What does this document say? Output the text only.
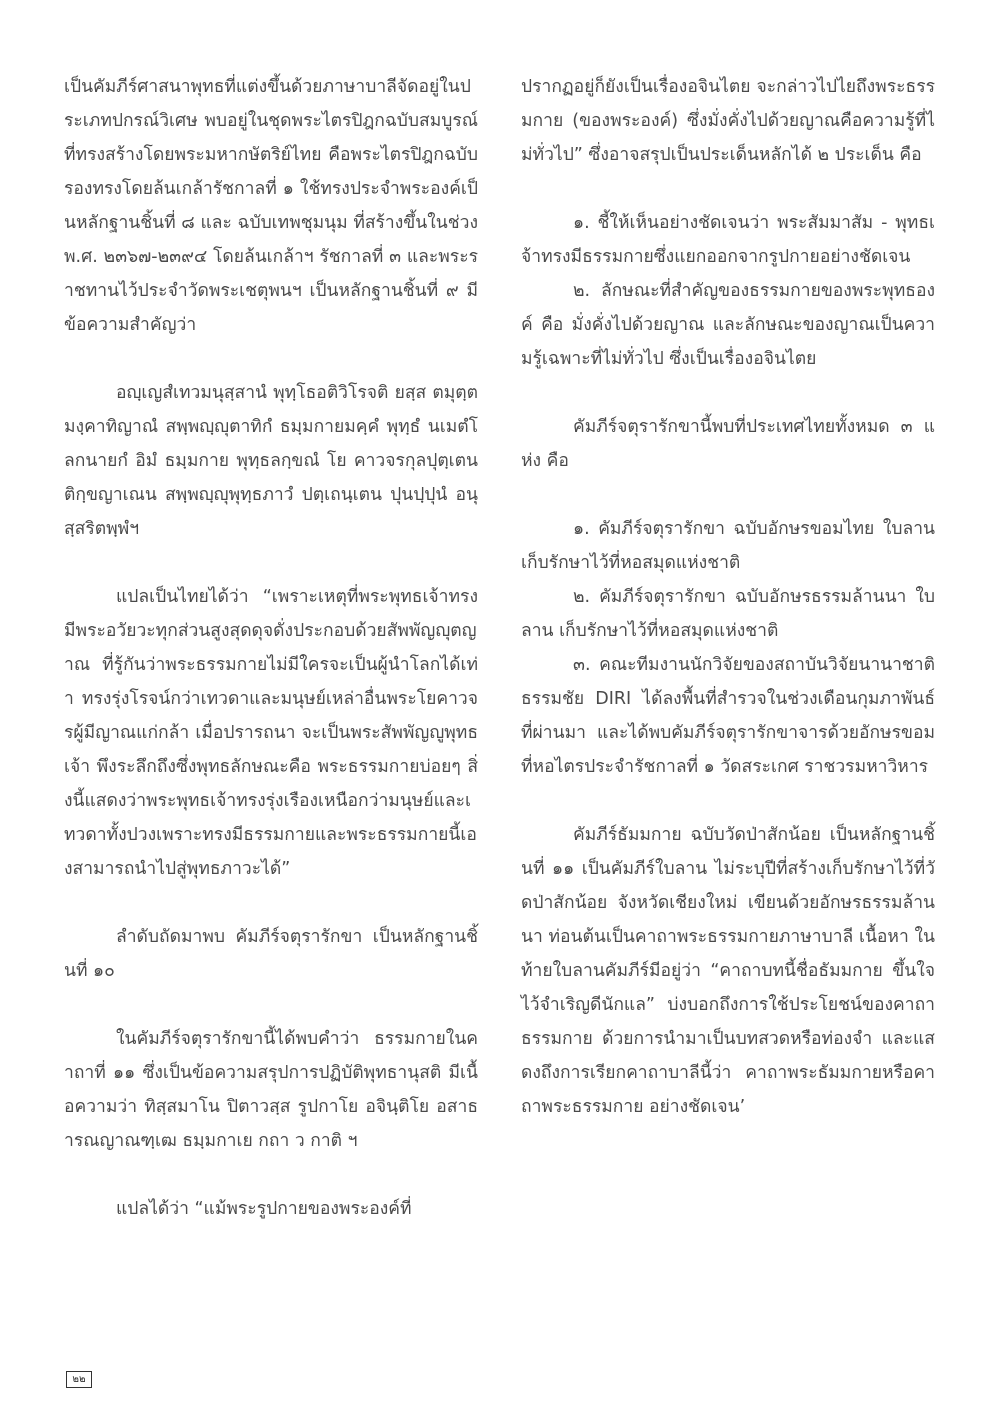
เป็นคัมภีร์ศาสนาพุทธที่แต่งขึ้นด้วยภาษาบาลีจัดอยู่ในประเภทปกรณ์วิเศษ พบอยู่ในชุดพระไตรปิฎกฉบับสมบูรณ์ที่ทรงสร้างโดยพระมหากษัตริย์ไทย คือพระไตรปิฎกฉบับรองทรงโดยล้นเกล้ารัชกาลที่ ๑ ใช้ทรงประจำพระองค์เป็นหลักฐานชิ้นที่ ๘ และ ฉบับเทพชุมนุม ที่สร้างขึ้นในช่วง พ.ศ. ๒๓๖๗-๒๓๙๔ โดยล้นเกล้าฯ รัชกาลที่ ๓ และพระราชทานไว้ประจำวัดพระเชตุพนฯ เป็นหลักฐานชิ้นที่ ๙ มีข้อความสำคัญว่า

อญฺเญสํเทวมนุสฺสานํ พุทฺโธอติวิโรจติ ยสฺส ตมุตฺตมงฺคาทิญาณํ สพฺพญฺญุตาทิกํ ธมฺมกายมคฺคํ พุทฺธํ นเมตํโลกนายกํ อิมํ ธมฺมกาย พุทฺธลกฺขณํ โย คาวจรกุลปุตฺเตน ติกฺขญาเณน สพฺพญฺญุพุทฺธภาวํ ปตฺเถนฺเตน ปุนปฺปุนํ อนุสฺสริตพฺพํฯ

แปลเป็นไทยได้ว่า “เพราะเหตุที่พระพุทธเจ้าทรงมีพระอวัยวะทุกส่วนสูงสุดดุจดั่งประกอบด้วยสัพพัญญุตญาณ ที่รู้กันว่าพระธรรมกายไม่มีใครจะเป็นผู้นำโลกได้เท่า ทรงรุ่งโรจน์กว่าเทวดาและมนุษย์เหล่าอื่นพระโยคาวจรผู้มีญาณแก่กล้า เมื่อปรารถนา จะเป็นพระสัพพัญญูพุทธเจ้า พึงระลึกถึงซึ่งพุทธลักษณะคือ พระธรรมกายบ่อยๆ สิ่งนี้แสดงว่าพระพุทธเจ้าทรงรุ่งเรืองเหนือกว่ามนุษย์และเทวดาทั้งปวงเพราะทรงมีธรรมกายและพระธรรมกายนี้เองสามารถนำไปสู่พุทธภาวะได้”

ลำดับถัดมาพบ คัมภีร์จตุรารักขา เป็นหลักฐานชิ้นที่ ๑๐

ในคัมภีร์จตุรารักขานี้ได้พบคำว่า ธรรมกายในคาถาที่ ๑๑ ซึ่งเป็นข้อความสรุปการปฏิบัติพุทธานุสติ มีเนื้อความว่า ทิสฺสมาโน ปิตาวสฺส รูปกาโย อจินฺติโย อสาธารณญาณฑฺเฒ ธมฺมกาเย กถา ว กาติ ฯ

แปลได้ว่า “แม้พระรูปกายของพระองค์ที่

ปรากฏอยู่ก็ยังเป็นเรื่องอจินไตย จะกล่าวไปไยถึงพระธรรมกาย (ของพระองค์) ซึ่งมั่งคั่งไปด้วยญาณคือความรู้ที่ไม่ทั่วไป” ซึ่งอาจสรุปเป็นประเด็นหลักได้ ๒ ประเด็น คือ

๑. ชี้ให้เห็นอย่างชัดเจนว่า พระสัมมาสัม - พุทธเจ้าทรงมีธรรมกายซึ่งแยกออกจากรูปกายอย่างชัดเจน

๒. ลักษณะที่สำคัญของธรรมกายของพระพุทธองค์ คือ มั่งคั่งไปด้วยญาณ และลักษณะของญาณเป็นความรู้เฉพาะที่ไม่ทั่วไป ซึ่งเป็นเรื่องอจินไตย

คัมภีร์จตุรารักขานี้พบที่ประเทศไทยทั้งหมด ๓ แห่ง คือ

๑. คัมภีร์จตุรารักขา ฉบับอักษรขอมไทย ใบลาน เก็บรักษาไว้ที่หอสมุดแห่งชาติ

๒. คัมภีร์จตุรารักขา ฉบับอักษรธรรมล้านนา ใบลาน เก็บรักษาไว้ที่หอสมุดแห่งชาติ

๓. คณะทีมงานนักวิจัยของสถาบันวิจัยนานาชาติธรรมชัย DIRI ได้ลงพื้นที่สำรวจในช่วงเดือนกุมภาพันธ์ที่ผ่านมา และได้พบคัมภีร์จตุรารักขาจารด้วยอักษรขอม ที่หอไตรประจำรัชกาลที่ ๑ วัดสระเกศ ราชวรมหาวิหาร

คัมภีร์ธัมมกาย ฉบับวัดป่าสักน้อย เป็นหลักฐานชิ้นที่ ๑๑ เป็นคัมภีร์ใบลาน ไม่ระบุปีที่สร้างเก็บรักษาไว้ที่วัดป่าสักน้อย จังหวัดเชียงใหม่ เขียนด้วยอักษรธรรมล้านนา ท่อนต้นเป็นคาถาพระธรรมกายภาษาบาลี เนื้อหา ในท้ายใบลานคัมภีร์มีอยู่ว่า “คาถาบทนี้ชื่อธัมมกาย ขึ้นใจไว้จำเริญดีนักแล” บ่งบอกถึงการใช้ประโยชน์ของคาถาธรรมกาย ด้วยการนำมาเป็นบทสวดหรือท่องจำ และแสดงถึงการเรียกคาถาบาลีนี้ว่า คาถาพระธัมมกายหรือคาถาพระธรรมกาย อย่างชัดเจน’

๒๒
